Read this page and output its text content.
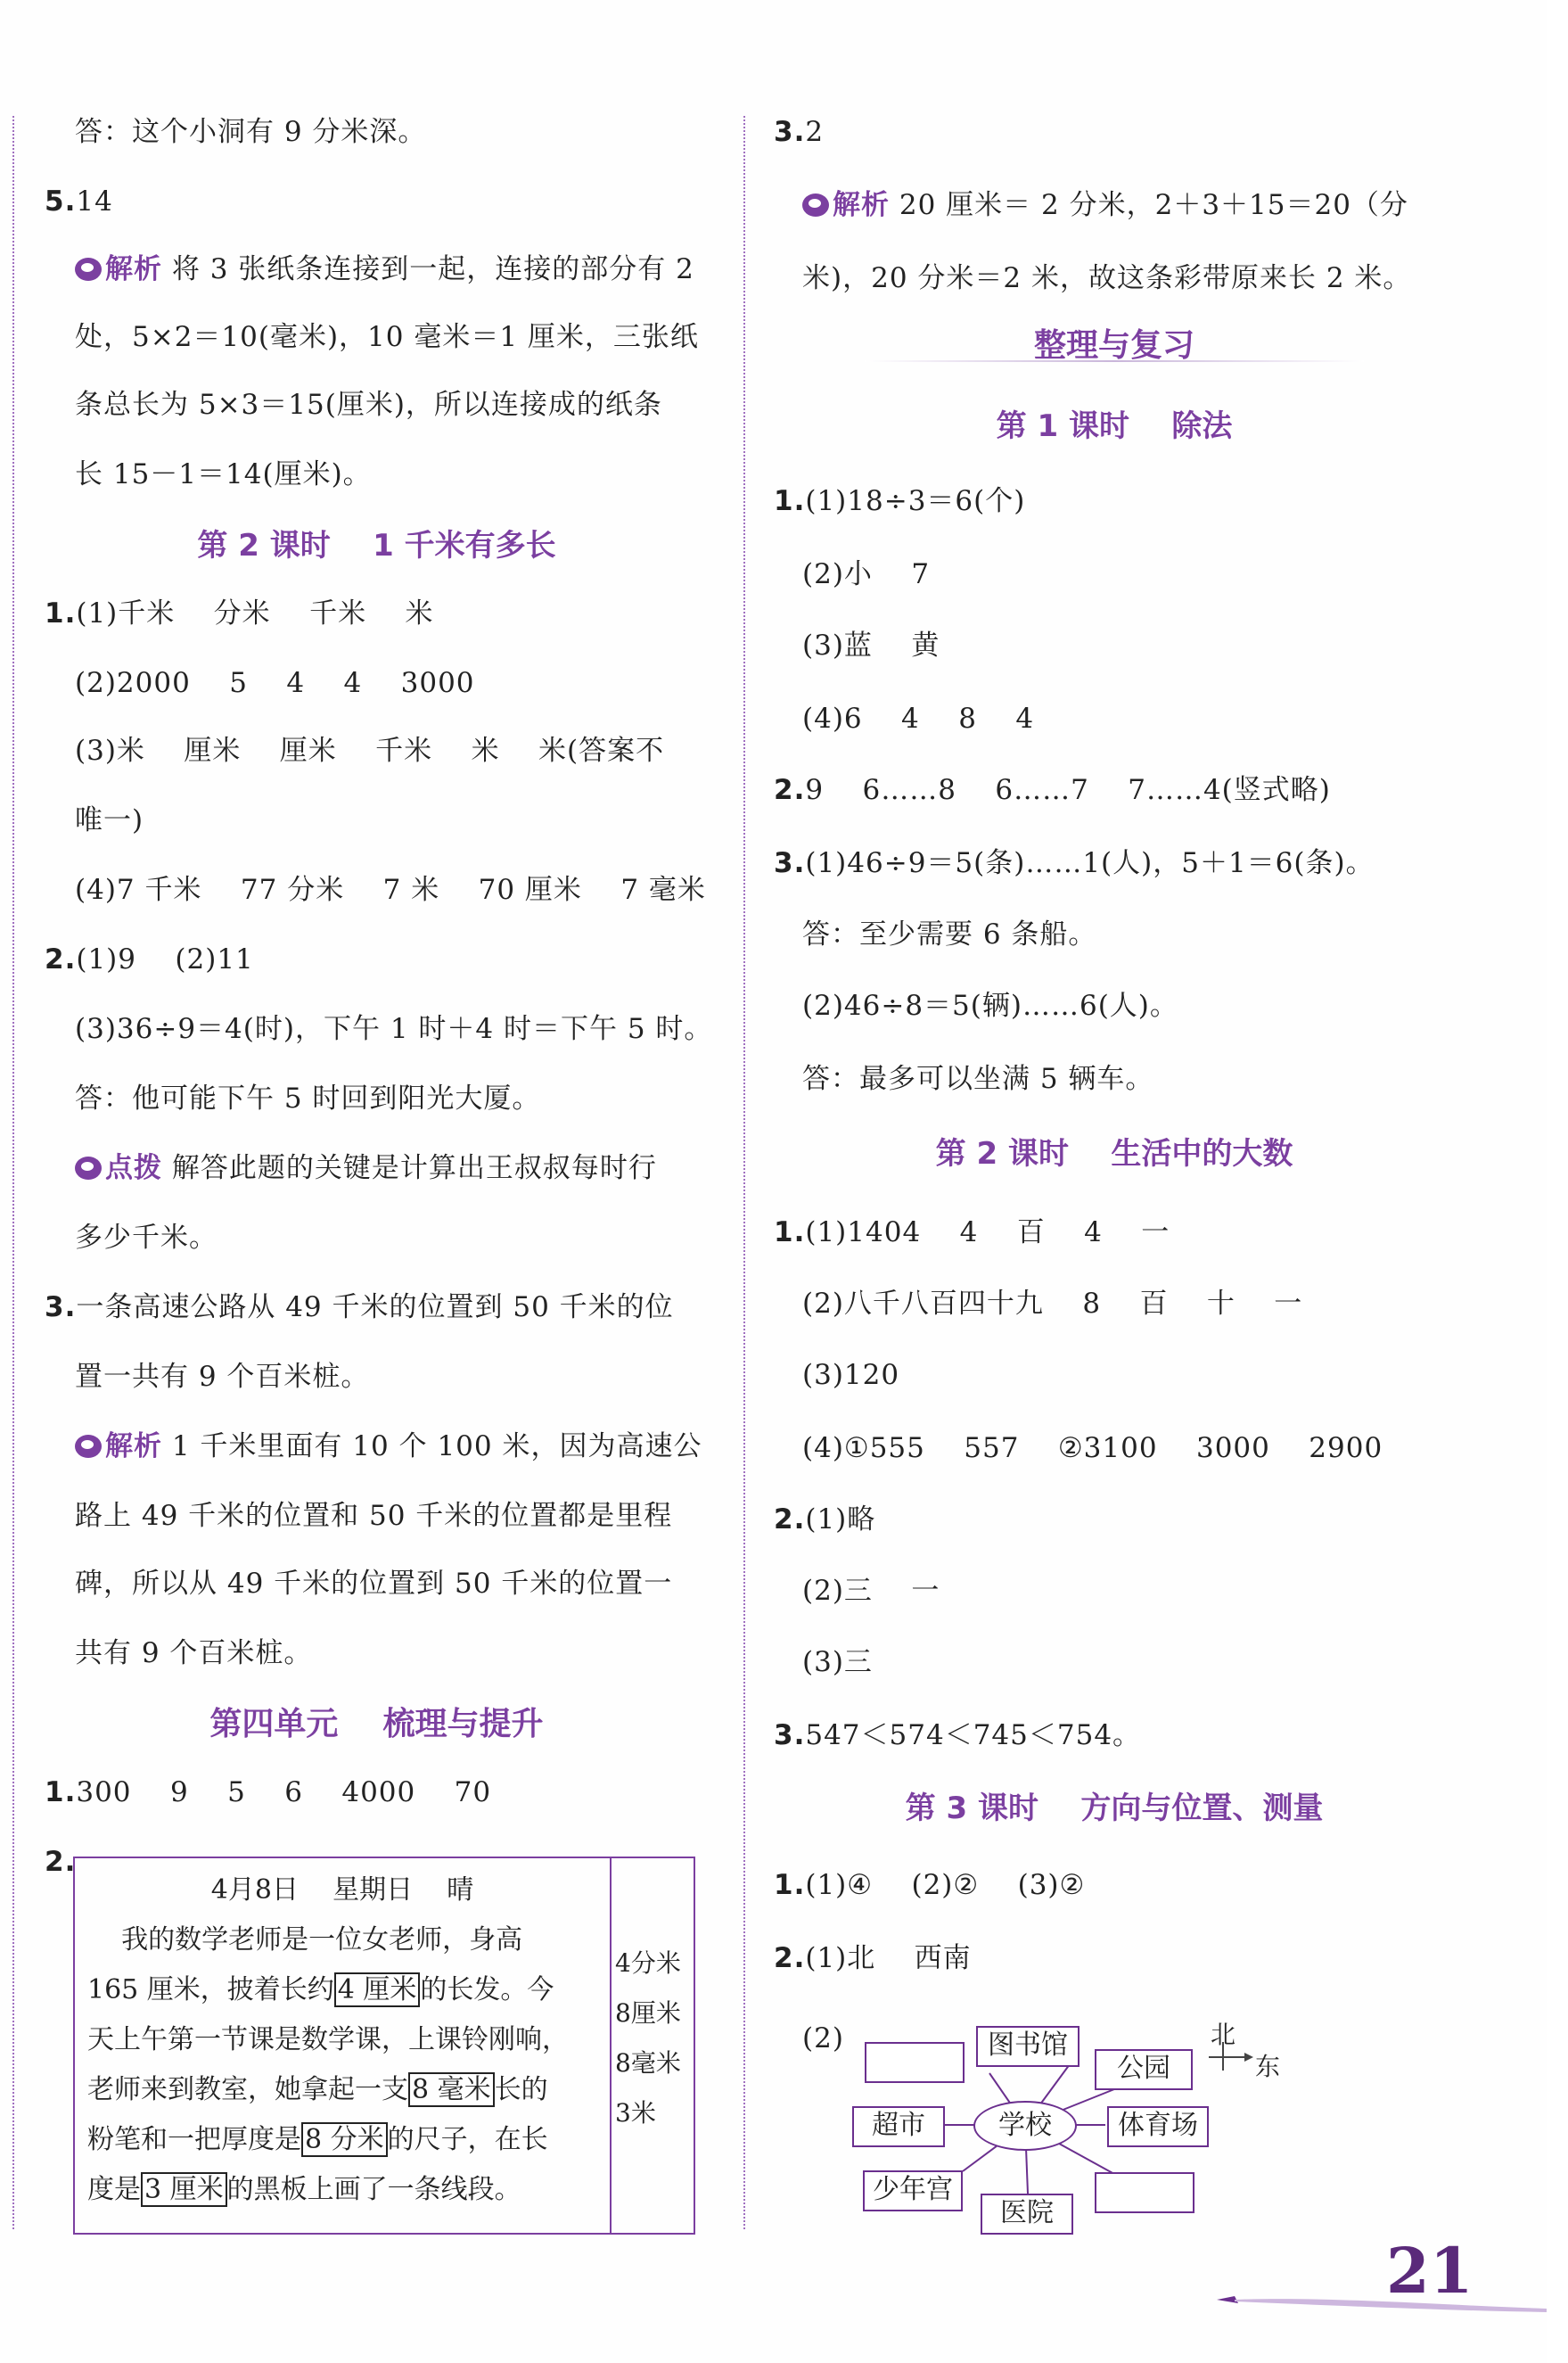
答：这个小洞有 9 分米深。
5.14
解析 将 3 张纸条连接到一起，连接的部分有 2
处，5×2＝10(毫米)，10 毫米＝1 厘米，三张纸
条总长为 5×3＝15(厘米)，所以连接成的纸条
长 15－1＝14(厘米)。
第 2 课时    1 千米有多长
1.(1)千米    分米    千米    米
(2)2000    5    4    4    3000
(3)米    厘米    厘米    千米    米    米(答案不
唯一)
(4)7 千米    77 分米    7 米    70 厘米    7 毫米
2.(1)9    (2)11
(3)36÷9＝4(时)，下午 1 时＋4 时＝下午 5 时。
答：他可能下午 5 时回到阳光大厦。
点拨 解答此题的关键是计算出王叔叔每时行
多少千米。
3.一条高速公路从 49 千米的位置到 50 千米的位
置一共有 9 个百米桩。
解析 1 千米里面有 10 个 100 米，因为高速公
路上 49 千米的位置和 50 千米的位置都是里程
碑，所以从 49 千米的位置到 50 千米的位置一
共有 9 个百米桩。
第四单元    梳理与提升
1.300    9    5    6    4000    70
2.
4月8日    星期日    晴
我的数学老师是一位女老师，身高
165 厘米，披着长约 4 厘米 的长发。今
天上午第一节课是数学课，上课铃刚响，
老师来到教室，她拿起一支 8 毫米 长的
粉笔和一把厚度是 8 分米 的尺子，在长
度是 3 厘米 的黑板上画了一条线段。
4分米
8厘米
8毫米
3米
3.2
解析 20 厘米＝ 2 分米，2＋3＋15＝20（分
米)，20 分米＝2 米，故这条彩带原来长 2 米。
整理与复习
第 1 课时    除法
1.(1)18÷3＝6(个)
(2)小    7
(3)蓝    黄
(4)6    4    8    4
2.9    6……8    6……7    7……4(竖式略)
3.(1)46÷9＝5(条)……1(人)，5＋1＝6(条)。
答：至少需要 6 条船。
(2)46÷8＝5(辆)……6(人)。
答：最多可以坐满 5 辆车。
第 2 课时    生活中的大数
1.(1)1404    4    百    4    一
(2)八千八百四十九    8    百    十    一
(3)120
(4)①555    557    ②3100    3000    2900
2.(1)略
(2)三    一
(3)三
3.547＜574＜745＜754。
第 3 课时    方向与位置、测量
1.(1)④    (2)②    (3)②
2.(1)北    西南
(2)	图书馆
公园
超市	学校	体育场
少年宫
医院
北
东
21
